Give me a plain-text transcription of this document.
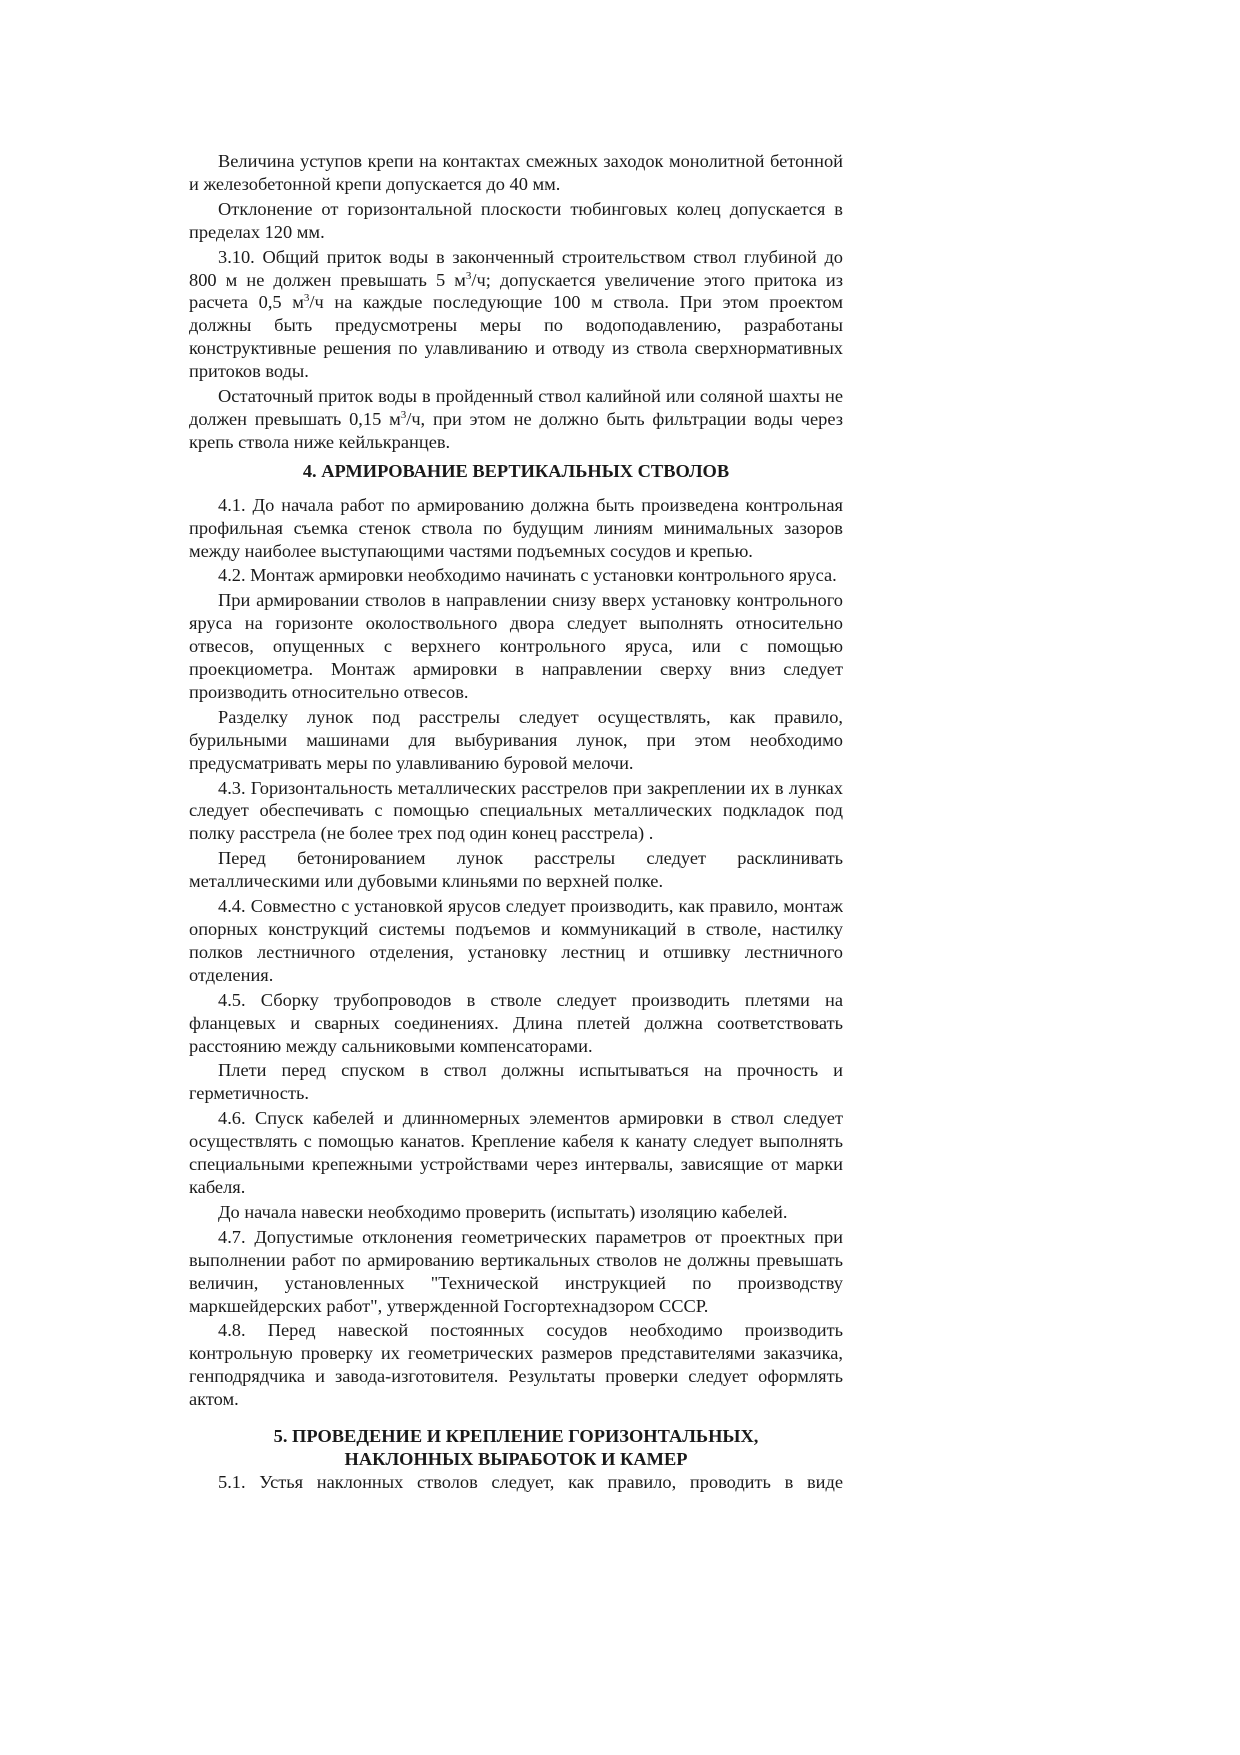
Величина уступов крепи на контактах смежных заходок монолитной бетонной и железобетонной крепи допускается до 40 мм.

Отклонение от горизонтальной плоскости тюбинговых колец допускается в пределах 120 мм.

3.10. Общий приток воды в законченный строительством ствол глубиной до 800 м не должен превышать 5 $м^3/ч$; допускается увеличение этого притока из расчета 0,5 $м^3/ч$ на каждые последующие 100 м ствола. При этом проектом должны быть предусмотрены меры по водоподавлению, разработаны конструктивные решения по улавливанию и отводу из ствола сверхнормативных притоков воды.

Остаточный приток воды в пройденный ствол калийной или соляной шахты не должен превышать 0,15 $м^3/ч$, при этом не должно быть фильтрации воды через крепь ствола ниже кейлькранцев.

4. АРМИРОВАНИЕ ВЕРТИКАЛЬНЫХ СТВОЛОВ

4.1. До начала работ по армированию должна быть произведена контрольная профильная съемка стенок ствола по будущим линиям минимальных зазоров между наиболее выступающими частями подъемных сосудов и крепью.

4.2. Монтаж армировки необходимо начинать с установки контрольного яруса.

При армировании стволов в направлении снизу вверх установку контрольного яруса на горизонте околоствольного двора следует выполнять относительно отвесов, опущенных с верхнего контрольного яруса, или с помощью проекциометра. Монтаж армировки в направлении сверху вниз следует производить относительно отвесов.

Разделку лунок под расстрелы следует осуществлять, как правило, бурильными машинами для выбуривания лунок, при этом необходимо предусматривать меры по улавливанию буровой мелочи.

4.3. Горизонтальность металлических расстрелов при закреплении их в лунках следует обеспечивать с помощью специальных металлических подкладок под полку расстрела (не более трех под один конец расстрела) .

Перед бетонированием лунок расстрелы следует расклинивать металлическими или дубовыми клиньями по верхней полке.

4.4. Совместно с установкой ярусов следует производить, как правило, монтаж опорных конструкций системы подъемов и коммуникаций в стволе, настилку полков лестничного отделения, установку лестниц и отшивку лестничного отделения.

4.5. Сборку трубопроводов в стволе следует производить плетями на фланцевых и сварных соединениях. Длина плетей должна соответствовать расстоянию между сальниковыми компенсаторами.

Плети перед спуском в ствол должны испытываться на прочность и герметичность.

4.6. Спуск кабелей и длинномерных элементов армировки в ствол следует осуществлять с помощью канатов. Крепление кабеля к канату следует выполнять специальными крепежными устройствами через интервалы, зависящие от марки кабеля.

До начала навески необходимо проверить (испытать) изоляцию кабелей.

4.7. Допустимые отклонения геометрических параметров от проектных при выполнении работ по армированию вертикальных стволов не должны превышать величин, установленных "Технической инструкцией по производству маркшейдерских работ", утвержденной Госгортехнадзором СССР.

4.8. Перед навеской постоянных сосудов необходимо производить контрольную проверку их геометрических размеров представителями заказчика, генподрядчика и завода-изготовителя. Результаты проверки следует оформлять актом.

5. ПРОВЕДЕНИЕ И КРЕПЛЕНИЕ ГОРИЗОНТАЛЬНЫХ,
НАКЛОННЫХ ВЫРАБОТОК И КАМЕР

5.1. Устья наклонных стволов следует, как правило, проводить в виде
